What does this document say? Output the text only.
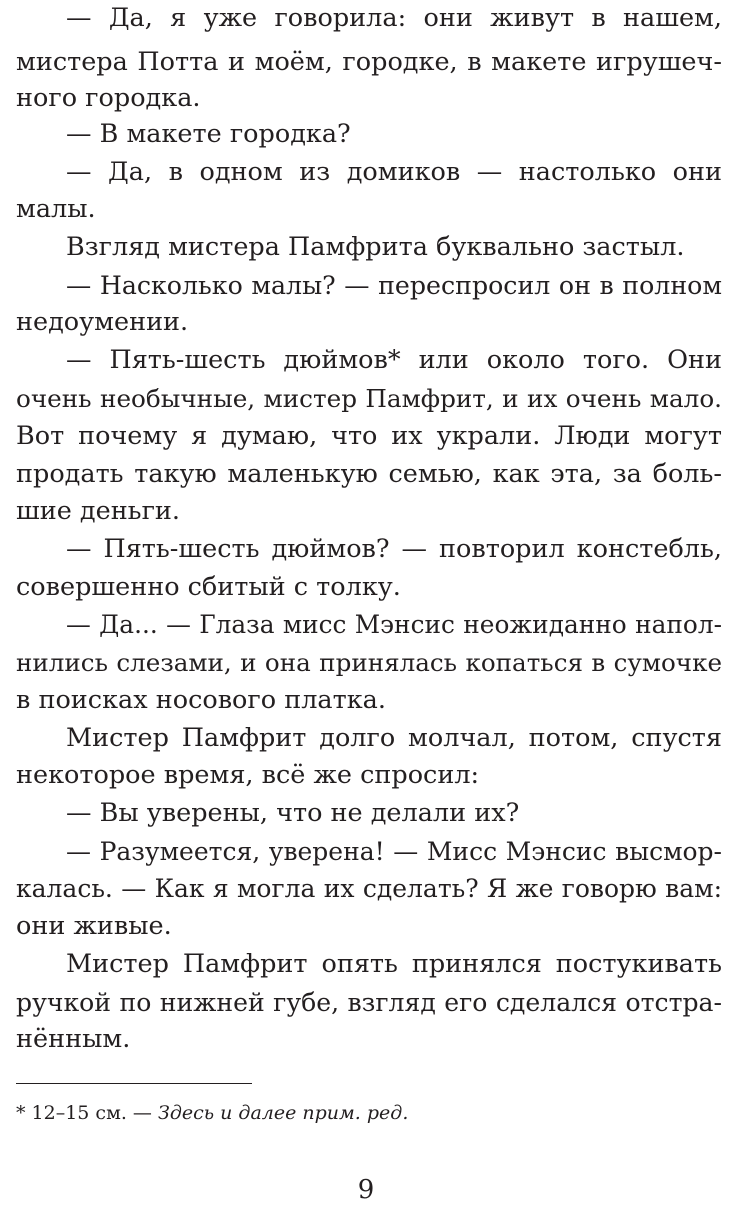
— Да, я уже говорила: они живут в нашем,
мистера Потта и моём, городке, в макете игрушеч-
ного городка.
— В макете городка?
— Да, в одном из домиков — настолько они
малы.
Взгляд мистера Памфрита буквально застыл.
— Насколько малы? — переспросил он в полном
недоумении.
— Пять-шесть дюймов* или около того. Они
очень необычные, мистер Памфрит, и их очень мало.
Вот почему я думаю, что их украли. Люди могут
продать такую маленькую семью, как эта, за боль-
шие деньги.
— Пять-шесть дюймов? — повторил констебль,
совершенно сбитый с толку.
— Да... — Глаза мисс Мэнсис неожиданно напол-
нились слезами, и она принялась копаться в сумочке
в поисках носового платка.
Мистер Памфрит долго молчал, потом, спустя
некоторое время, всё же спросил:
— Вы уверены, что не делали их?
— Разумеется, уверена! — Мисс Мэнсис высмор-
калась. — Как я могла их сделать? Я же говорю вам:
они живые.
Мистер Памфрит опять принялся постукивать
ручкой по нижней губе, взгляд его сделался отстра-
нённым.
* 12–15 см. — Здесь и далее прим. ред.
9
